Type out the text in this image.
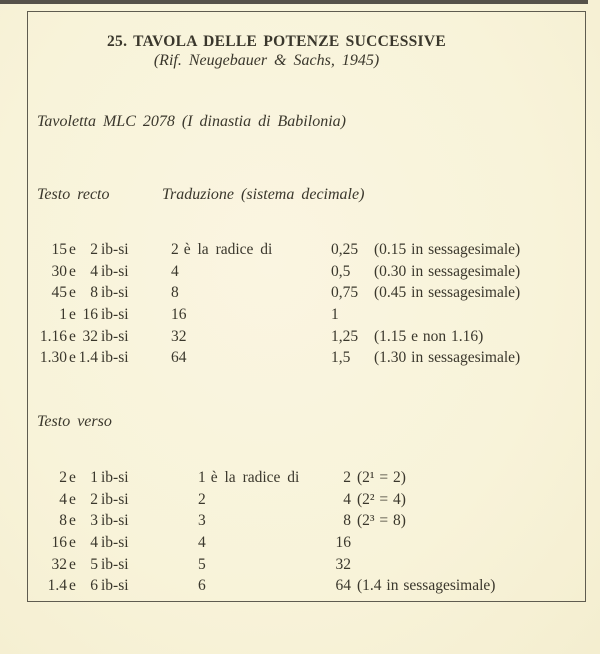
25. TAVOLA DELLE POTENZE SUCCESSIVE
(Rif. Neugebauer & Sachs, 1945)
Tavoletta MLC 2078 (I dinastia di Babilonia)
Testo recto	Traduzione (sistema decimale)
15 e 2 ib-si	2 è la radice di	0,25	(0.15 in sessagesimale)
30 e 4 ib-si	4	0,5	(0.30 in sessagesimale)
45 e 8 ib-si	8	0,75	(0.45 in sessagesimale)
1 e 16 ib-si	16	1
1.16 e 32 ib-si	32	1,25	(1.15 e non 1.16)
1.30 e 1.4 ib-si	64	1,5	(1.30 in sessagesimale)
Testo verso
2 e 1 ib-si	1 è la radice di	2 (2¹ = 2)
4 e 2 ib-si	2	4 (2² = 4)
8 e 3 ib-si	3	8 (2³ = 8)
16 e 4 ib-si	4	16
32 e 5 ib-si	5	32
1.4 e 6 ib-si	6	64 (1.4 in sessagesimale)
